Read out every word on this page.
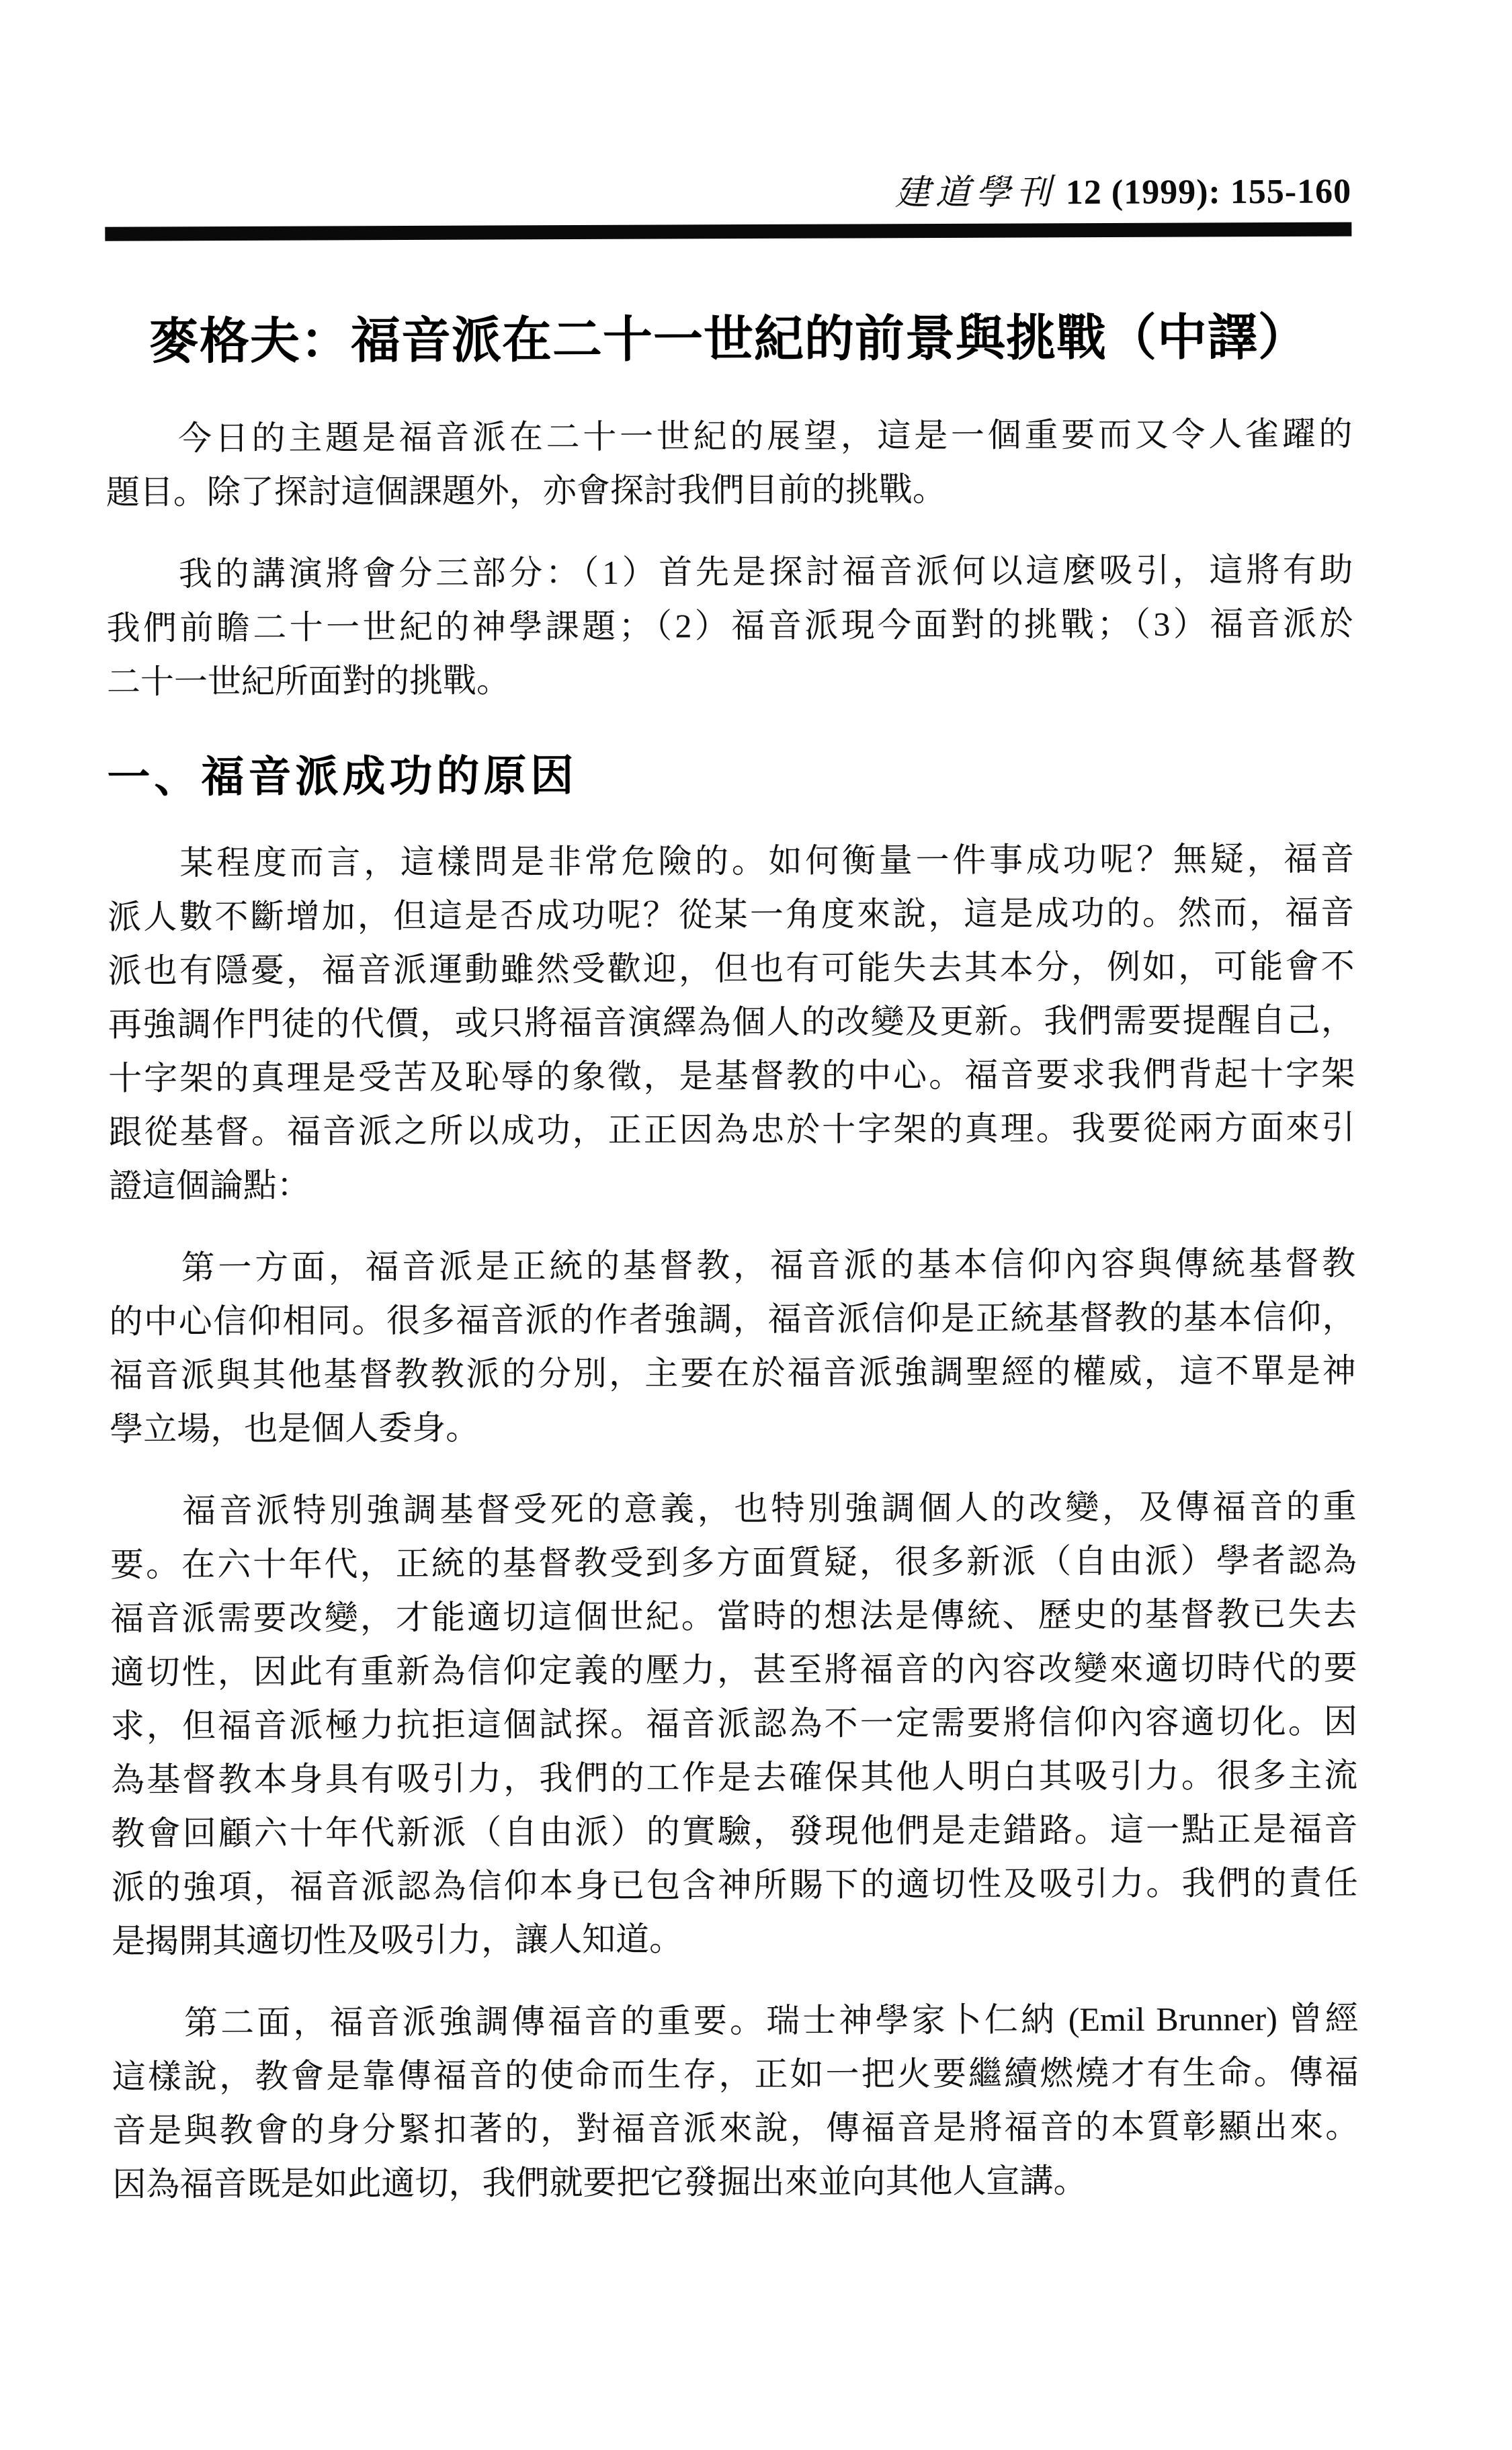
建道學刊 12 (1999): 155-160
麥格夫：福音派在二十一世紀的前景與挑戰（中譯）

今日的主題是福音派在二十一世紀的展望，這是一個重要而又令人雀躍的
題目。除了探討這個課題外，亦會探討我們目前的挑戰。

我的講演將會分三部分：（1）首先是探討福音派何以這麼吸引，這將有助
我們前瞻二十一世紀的神學課題；（2）福音派現今面對的挑戰；（3）福音派於
二十一世紀所面對的挑戰。

一、福音派成功的原因

某程度而言，這樣問是非常危險的。如何衡量一件事成功呢？無疑，福音
派人數不斷增加，但這是否成功呢？從某一角度來說，這是成功的。然而，福音
派也有隱憂，福音派運動雖然受歡迎，但也有可能失去其本分，例如，可能會不
再強調作門徒的代價，或只將福音演繹為個人的改變及更新。我們需要提醒自己，
十字架的真理是受苦及恥辱的象徵，是基督教的中心。福音要求我們背起十字架
跟從基督。福音派之所以成功，正正因為忠於十字架的真理。我要從兩方面來引
證這個論點：

第一方面，福音派是正統的基督教，福音派的基本信仰內容與傳統基督教
的中心信仰相同。很多福音派的作者強調，福音派信仰是正統基督教的基本信仰，
福音派與其他基督教教派的分別，主要在於福音派強調聖經的權威，這不單是神
學立場，也是個人委身。

福音派特別強調基督受死的意義，也特別強調個人的改變，及傳福音的重
要。在六十年代，正統的基督教受到多方面質疑，很多新派（自由派）學者認為
福音派需要改變，才能適切這個世紀。當時的想法是傳統、歷史的基督教已失去
適切性，因此有重新為信仰定義的壓力，甚至將福音的內容改變來適切時代的要
求，但福音派極力抗拒這個試探。福音派認為不一定需要將信仰內容適切化。因
為基督教本身具有吸引力，我們的工作是去確保其他人明白其吸引力。很多主流
教會回顧六十年代新派（自由派）的實驗，發現他們是走錯路。這一點正是福音
派的強項，福音派認為信仰本身已包含神所賜下的適切性及吸引力。我們的責任
是揭開其適切性及吸引力，讓人知道。

第二面，福音派強調傳福音的重要。瑞士神學家卜仁納 (Emil Brunner) 曾經
這樣說，教會是靠傳福音的使命而生存，正如一把火要繼續燃燒才有生命。傳福
音是與教會的身分緊扣著的，對福音派來說，傳福音是將福音的本質彰顯出來。
因為福音既是如此適切，我們就要把它發掘出來並向其他人宣講。
